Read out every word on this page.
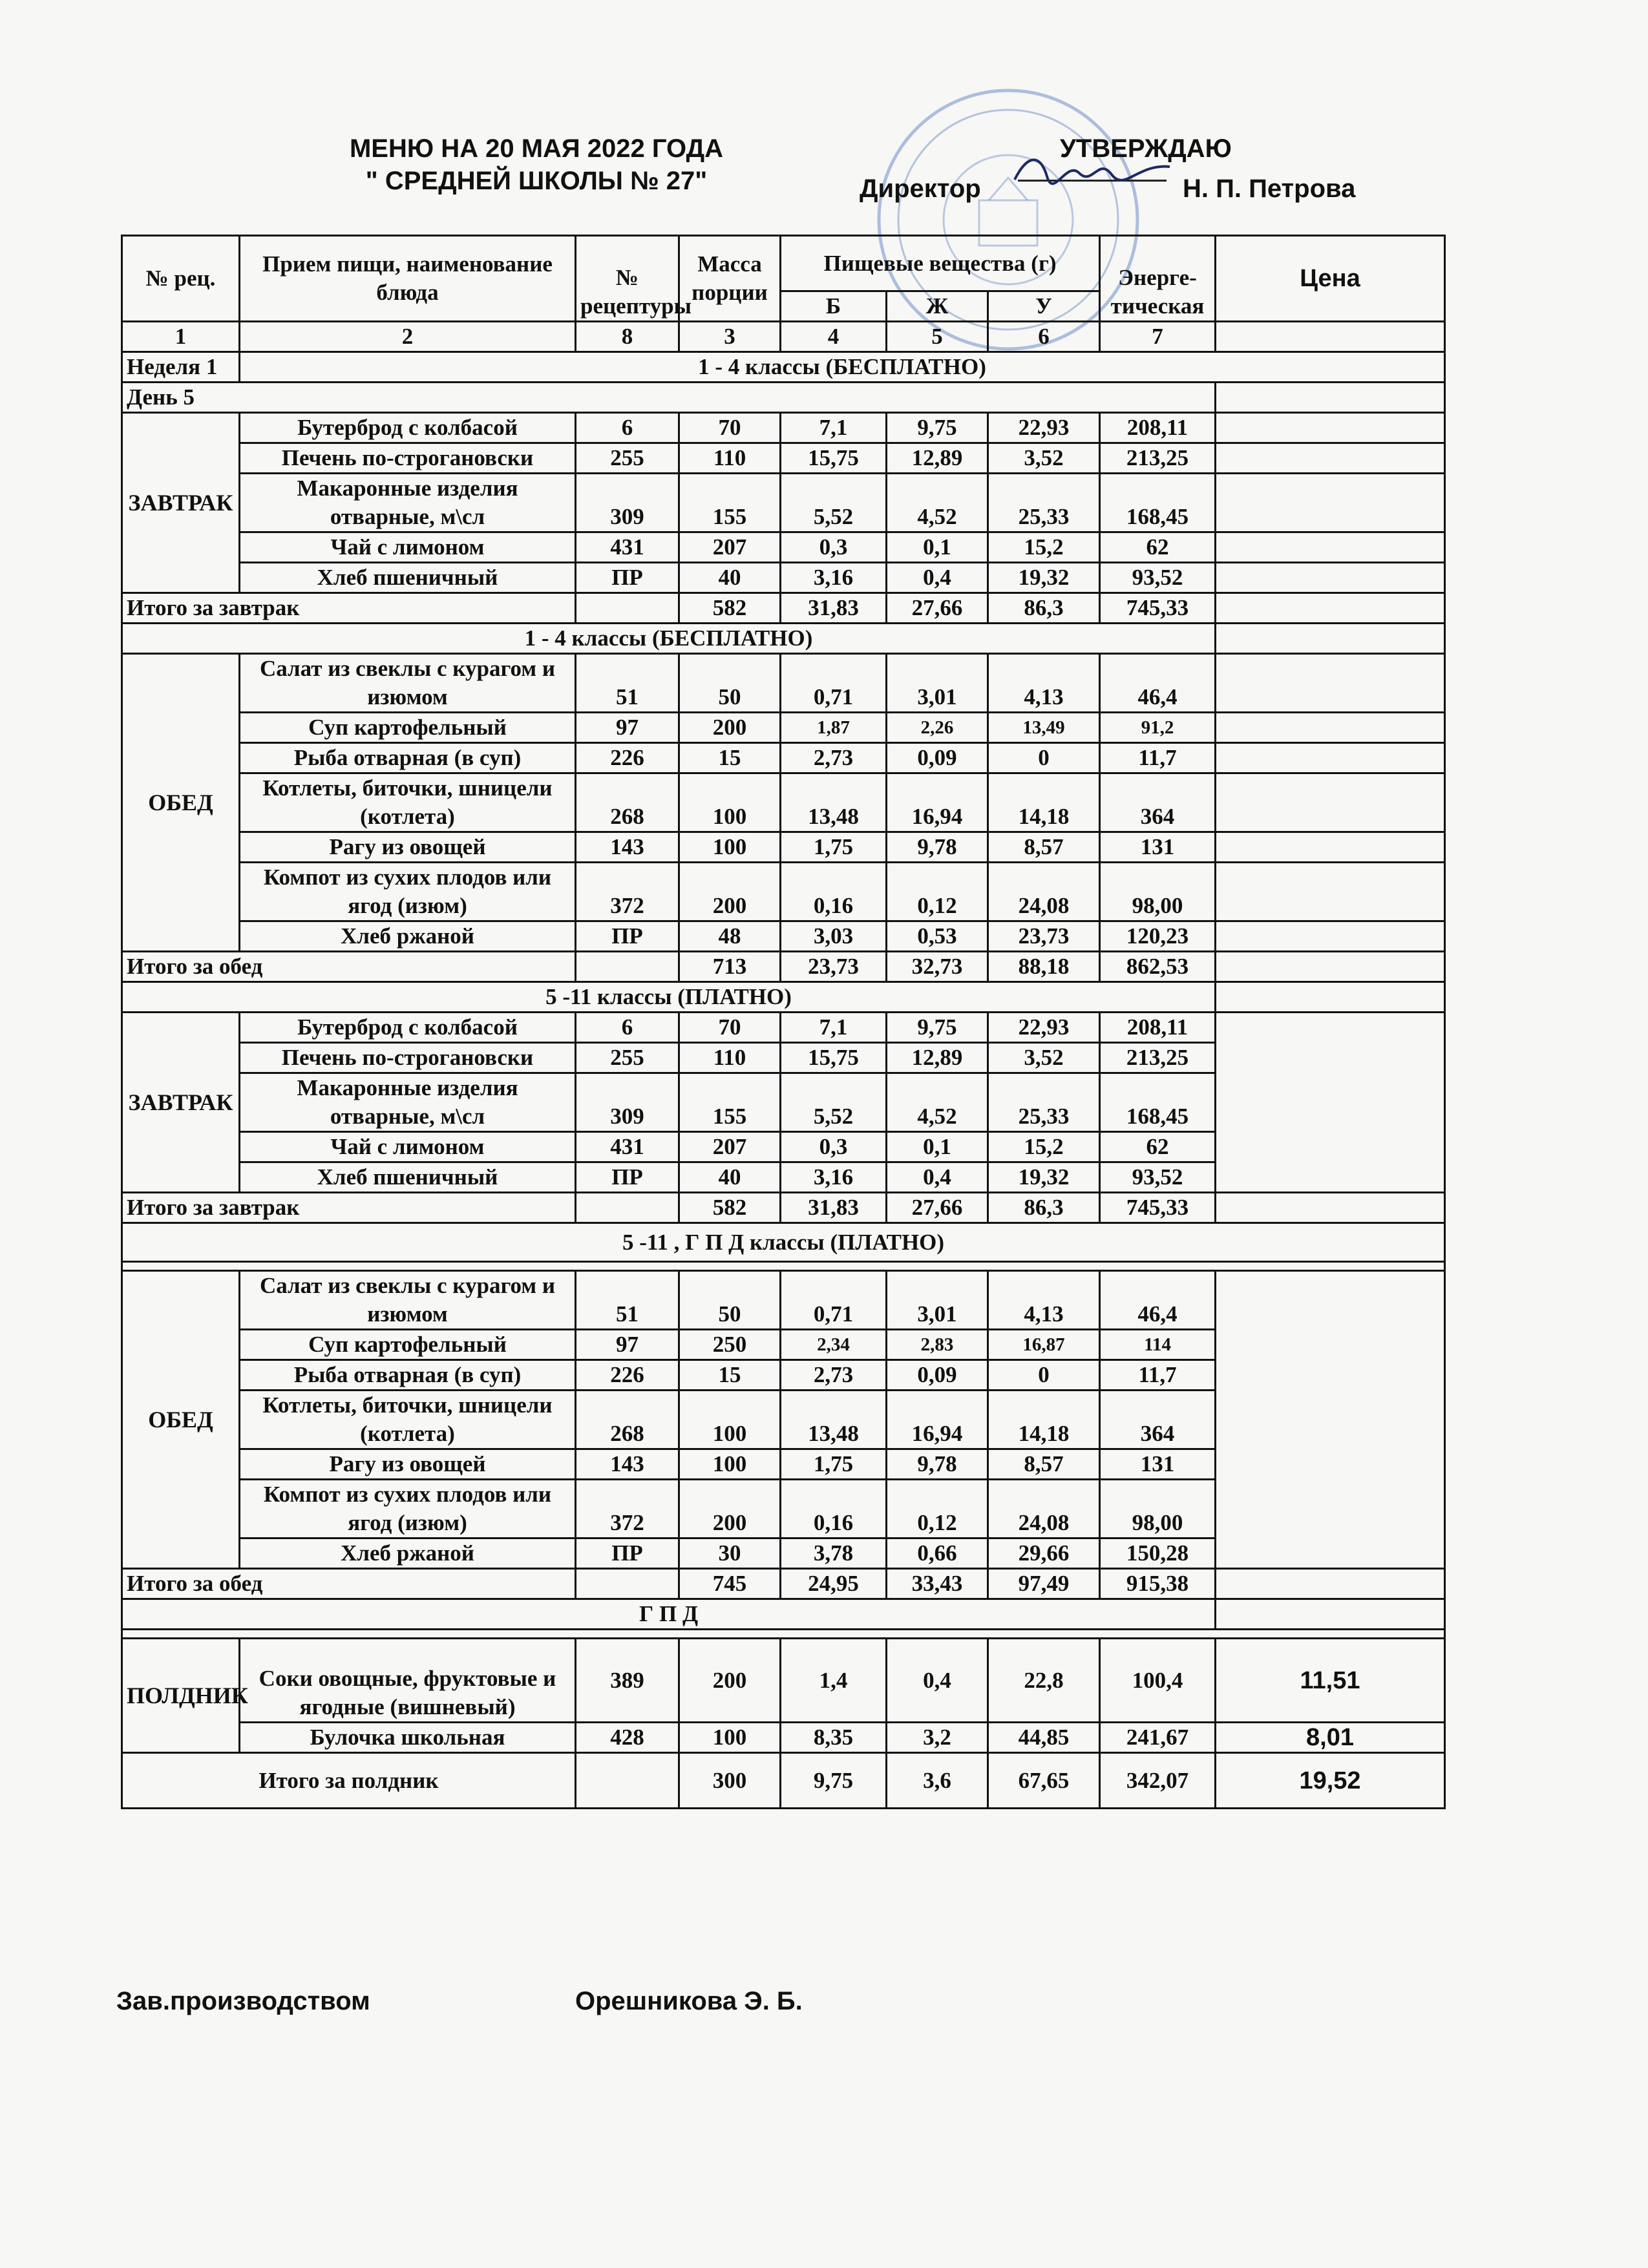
МЕНЮ НА 20 МАЯ 2022 ГОДА
" СРЕДНЕЙ ШКОЛЫ № 27"
УТВЕРЖДАЮ
Директор	Н. П. Петрова
№ рец.	Прием пищи, наименование блюда	№ рецептуры	Масса порции	Пищевые вещества (г)			Энерге-тическая	Цена
				Б	Ж	У		
1	2	8	3	4	5	6	7	
Неделя 1	1 - 4 классы (БЕСПЛАТНО)							
День 5								
ЗАВТРАК	Бутерброд с колбасой	6	70	7,1	9,75	22,93	208,11	
	Печень по-строгановски	255	110	15,75	12,89	3,52	213,25	
	Макаронные изделия отварные, м\сл	309	155	5,52	4,52	25,33	168,45	
	Чай с лимоном	431	207	0,3	0,1	15,2	62	
	Хлеб пшеничный	ПР	40	3,16	0,4	19,32	93,52	
Итого за завтрак			582	31,83	27,66	86,3	745,33	
1 - 4 классы (БЕСПЛАТНО)								
ОБЕД	Салат из свеклы с курагом и изюмом	51	50	0,71	3,01	4,13	46,4	
	Суп картофельный	97	200	1,87	2,26	13,49	91,2	
	Рыба отварная (в суп)	226	15	2,73	0,09	0	11,7	
	Котлеты, биточки, шницели (котлета)	268	100	13,48	16,94	14,18	364	
	Рагу из овощей	143	100	1,75	9,78	8,57	131	
	Компот из сухих плодов или ягод (изюм)	372	200	0,16	0,12	24,08	98,00	
	Хлеб ржаной	ПР	48	3,03	0,53	23,73	120,23	
Итого за обед			713	23,73	32,73	88,18	862,53	
5 -11 классы (ПЛАТНО)								
ЗАВТРАК	Бутерброд с колбасой	6	70	7,1	9,75	22,93	208,11	
	Печень по-строгановски	255	110	15,75	12,89	3,52	213,25	
	Макаронные изделия отварные, м\сл	309	155	5,52	4,52	25,33	168,45	
	Чай с лимоном	431	207	0,3	0,1	15,2	62	
	Хлеб пшеничный	ПР	40	3,16	0,4	19,32	93,52	
Итого за завтрак			582	31,83	27,66	86,3	745,33	
5 -11 , Г П Д классы (ПЛАТНО)								

ОБЕД	Салат из свеклы с курагом и изюмом	51	50	0,71	3,01	4,13	46,4	
	Суп картофельный	97	250	2,34	2,83	16,87	114	
	Рыба отварная (в суп)	226	15	2,73	0,09	0	11,7	
	Котлеты, биточки, шницели (котлета)	268	100	13,48	16,94	14,18	364	
	Рагу из овощей	143	100	1,75	9,78	8,57	131	
	Компот из сухих плодов или ягод (изюм)	372	200	0,16	0,12	24,08	98,00	
	Хлеб ржаной	ПР	30	3,78	0,66	29,66	150,28	
Итого за обед			745	24,95	33,43	97,49	915,38	
Г П Д								

ПОЛДНИК	Соки овощные, фруктовые и ягодные (вишневый)	389	200	1,4	0,4	22,8	100,4	11,51
	Булочка школьная	428	100	8,35	3,2	44,85	241,67	8,01
Итого за полдник			300	9,75	3,6	67,65	342,07	19,52
Зав.производством	Орешникова Э. Б.
